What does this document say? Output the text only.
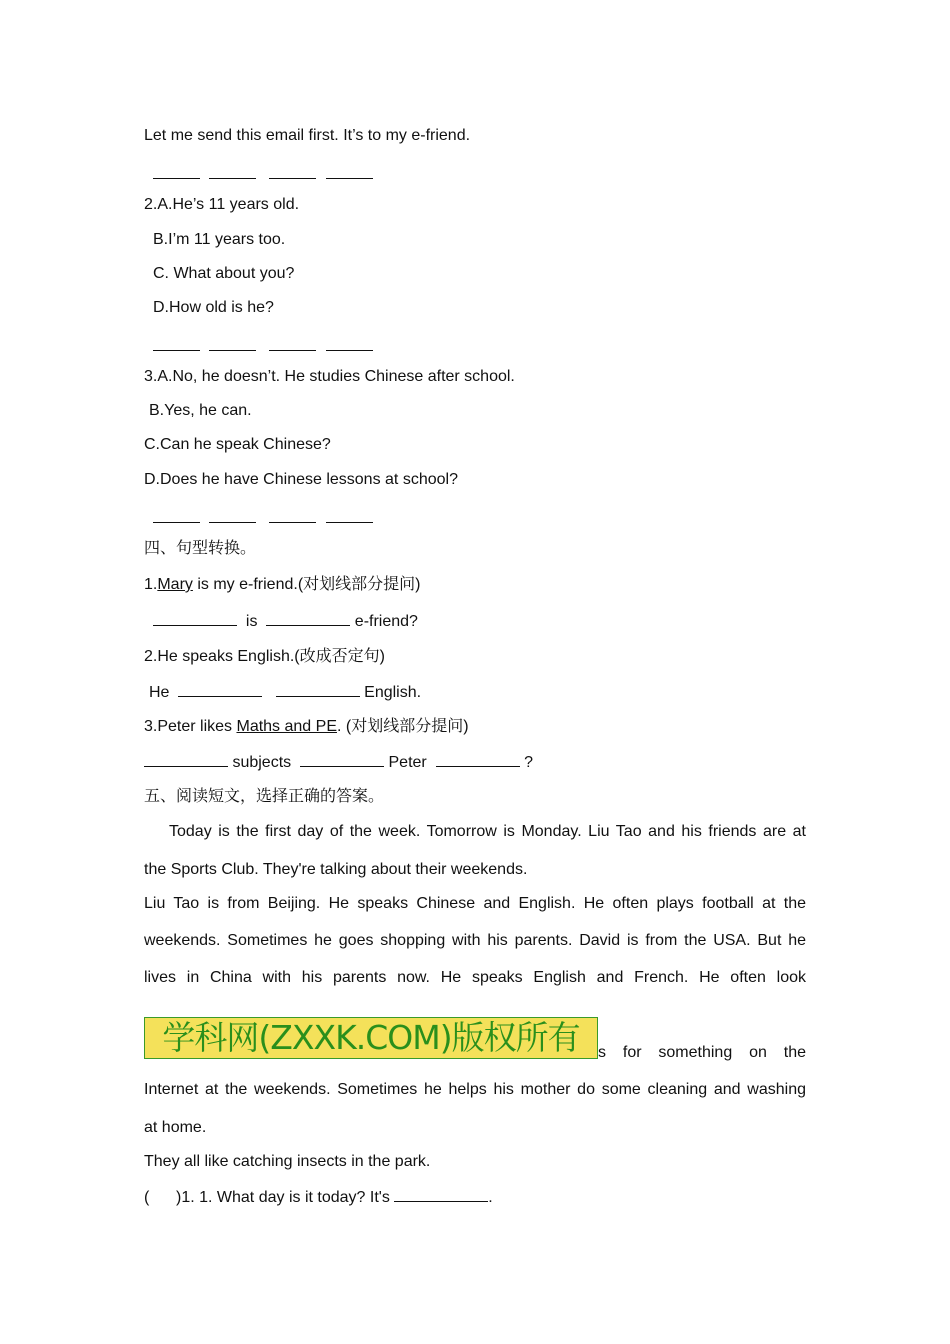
Let me send this email first. It’s to my e-friend.
2.A.He’s 11 years old.
B.I’m 11 years too.
C. What about you?
D.How old is he?
3.A.No, he doesn’t. He studies Chinese after school.
B.Yes, he can.
C.Can he speak Chinese?
D.Does he have Chinese lessons at school?
四、句型转换。
1.Mary is my e-friend.(对划线部分提问)
is	e-friend?
2.He speaks English.(改成否定句)
He	English.
3.Peter likes Maths and PE. (对划线部分提问)
subjects	Peter	?
五、阅读短文，选择正确的答案。
Today is the first day of the week. Tomorrow is Monday. Liu Tao and his friends are at
the Sports Club. They're talking about their weekends.
Liu Tao is from Beijing. He speaks Chinese and English. He often plays football at the
weekends. Sometimes he goes shopping with his parents. David is from the USA. But he
lives in China with his parents now. He speaks English and French. He often look
学科网(ZXXK.COM)版权所有	s for something on the
Internet at the weekends. Sometimes he helps his mother do some cleaning and washing
at home.
They all like catching insects in the park.
(      )1. 1. What day is it today? It's	.
